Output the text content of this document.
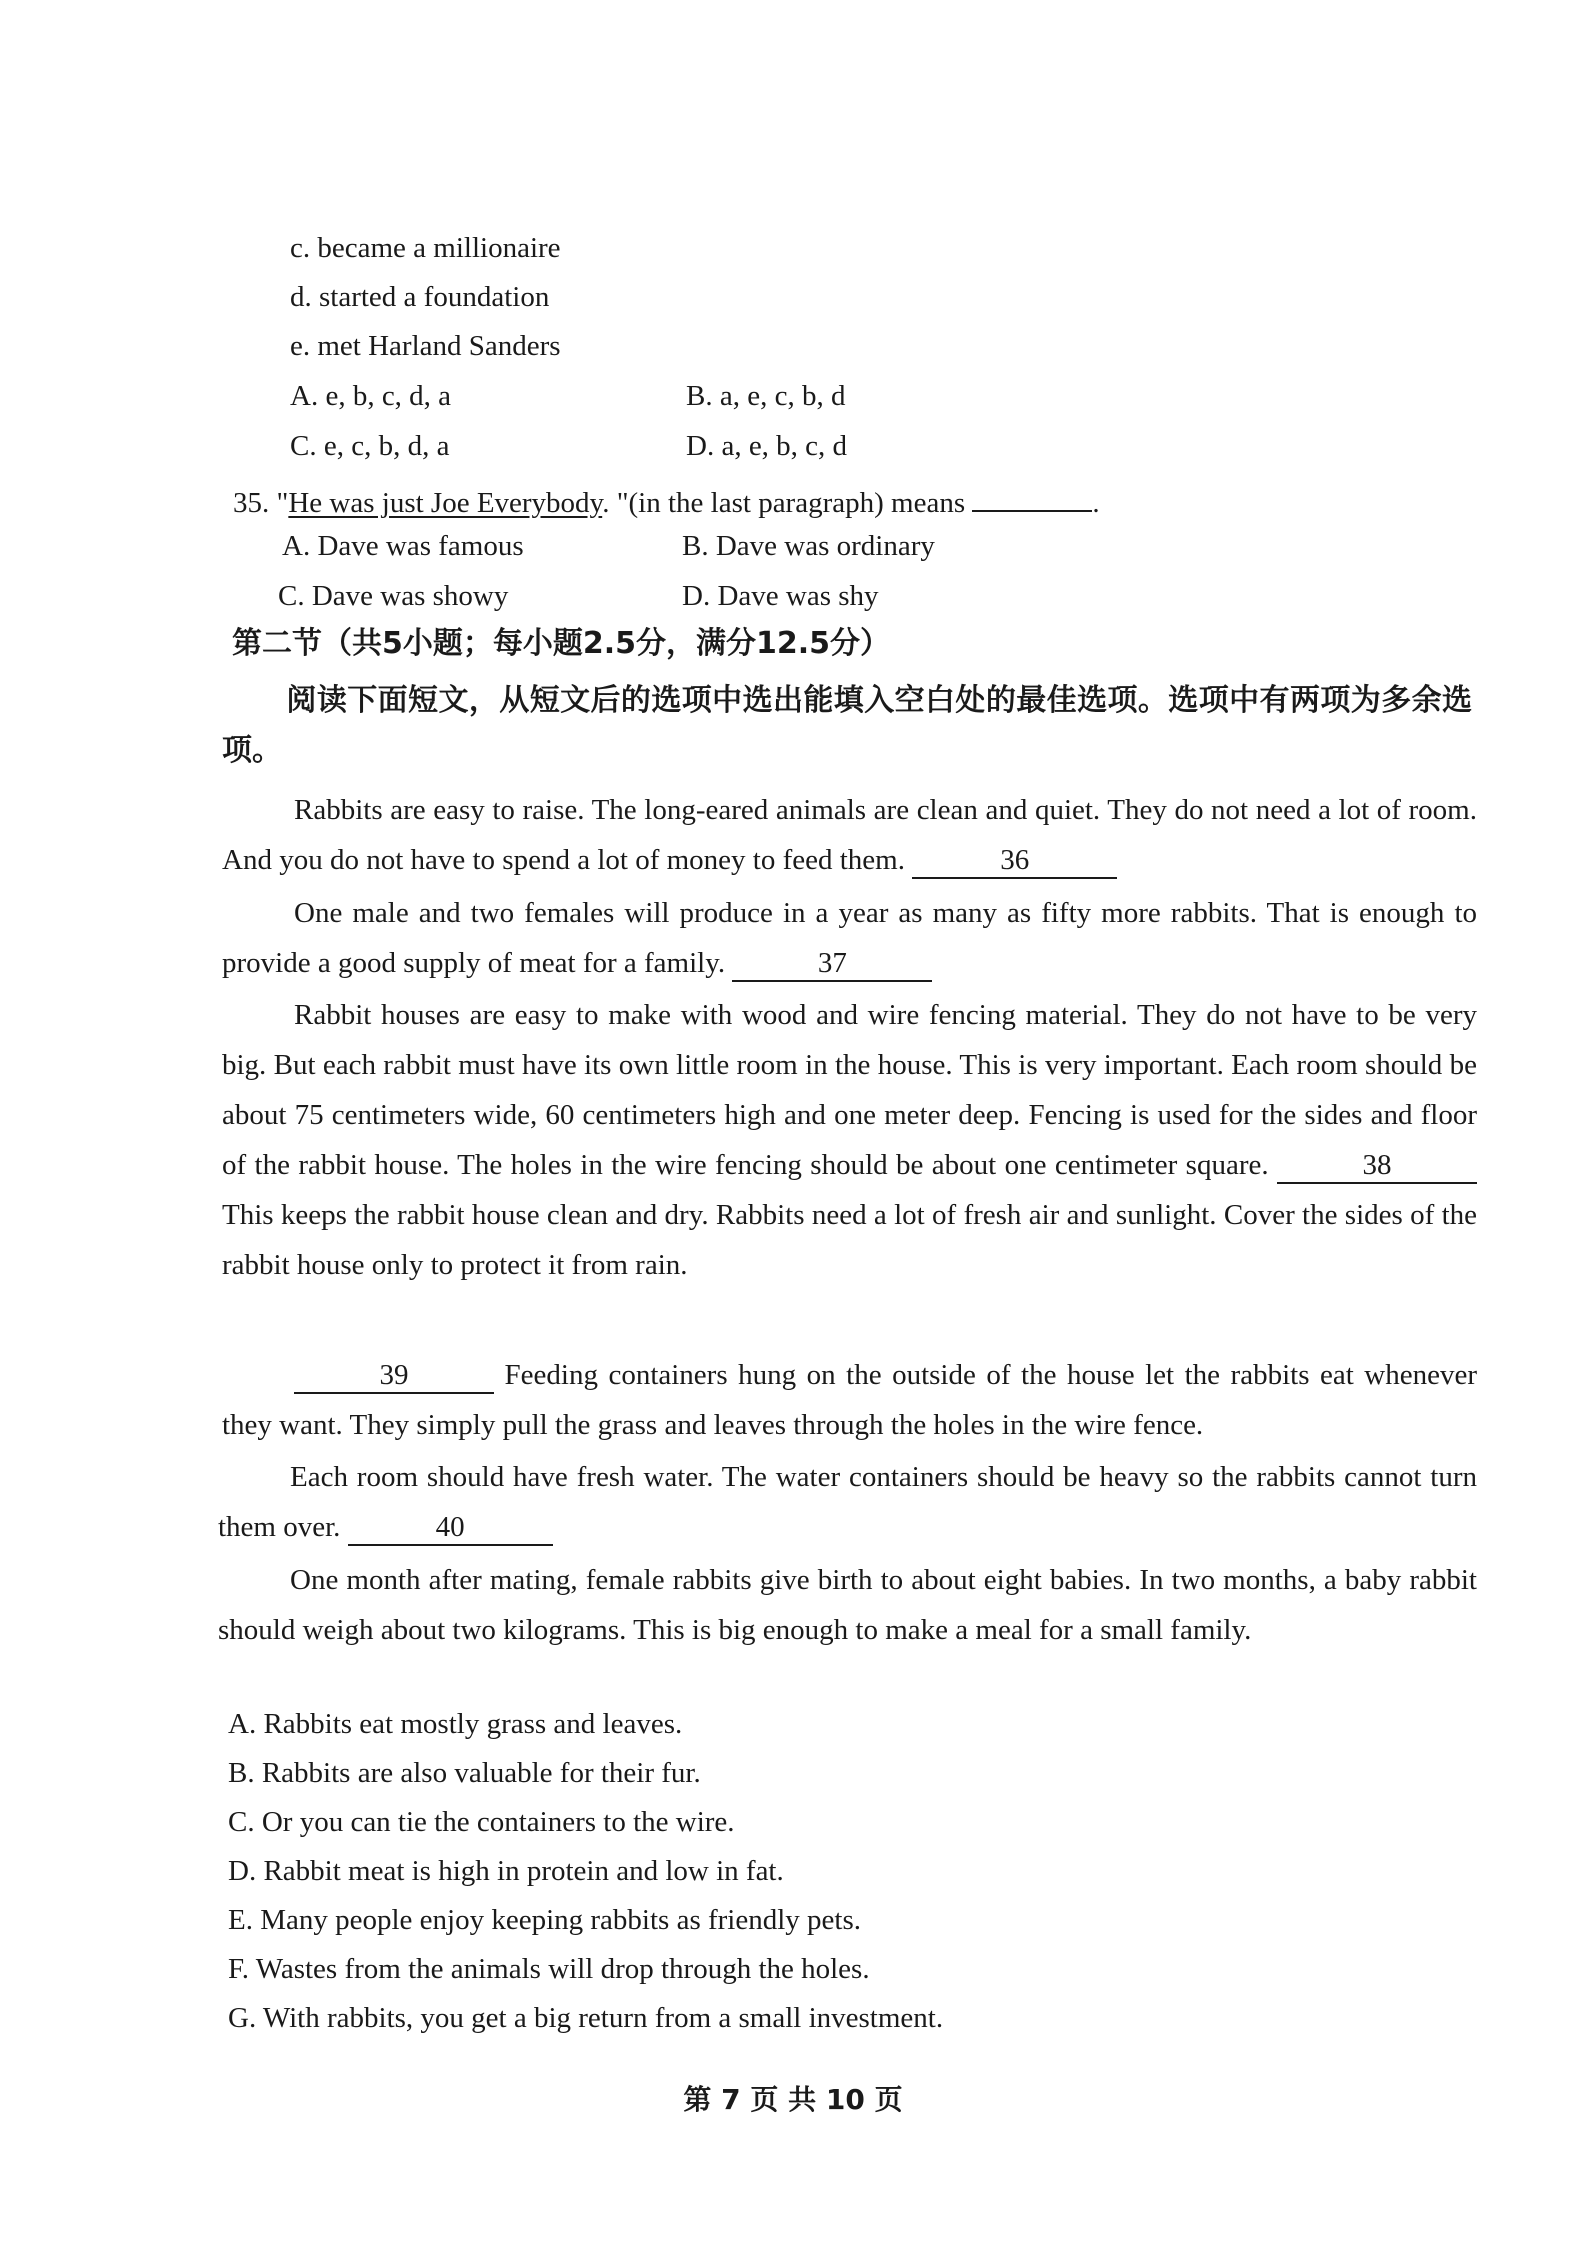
c. became a millionaire
d. started a foundation
e. met Harland Sanders
A. e, b, c, d, a	B. a, e, c, b, d
C. e, c, b, d, a	D. a, e, b, c, d
35. "He was just Joe Everybody. "(in the last paragraph) means	.
A. Dave was famous	B. Dave was ordinary
C. Dave was showy	D. Dave was shy
第二节（共5小题；每小题2.5分，满分12.5分）
阅读下面短文，从短文后的选项中选出能填入空白处的最佳选项。选项中有两项为多余选项。
Rabbits are easy to raise. The long-eared animals are clean and quiet. They do not need a lot of room. And you do not have to spend a lot of money to feed them.	36
One male and two females will produce in a year as many as fifty more rabbits. That is enough to provide a good supply of meat for a family.	37
Rabbit houses are easy to make with wood and wire fencing material. They do not have to be very big. But each rabbit must have its own little room in the house. This is very important. Each room should be about 75 centimeters wide, 60 centimeters high and one meter deep. Fencing is used for the sides and floor of the rabbit house. The holes in the wire fencing should be about one centimeter square.	38 This keeps the rabbit house clean and dry. Rabbits need a lot of fresh air and sunlight. Cover the sides of the rabbit house only to protect it from rain.
39	Feeding containers hung on the outside of the house let the rabbits eat whenever they want. They simply pull the grass and leaves through the holes in the wire fence.
Each room should have fresh water. The water containers should be heavy so the rabbits cannot turn them over.	40
One month after mating, female rabbits give birth to about eight babies. In two months, a baby rabbit should weigh about two kilograms. This is big enough to make a meal for a small family.
A. Rabbits eat mostly grass and leaves.
B. Rabbits are also valuable for their fur.
C. Or you can tie the containers to the wire.
D. Rabbit meat is high in protein and low in fat.
E. Many people enjoy keeping rabbits as friendly pets.
F. Wastes from the animals will drop through the holes.
G. With rabbits, you get a big return from a small investment.
第 7 页 共 10 页
